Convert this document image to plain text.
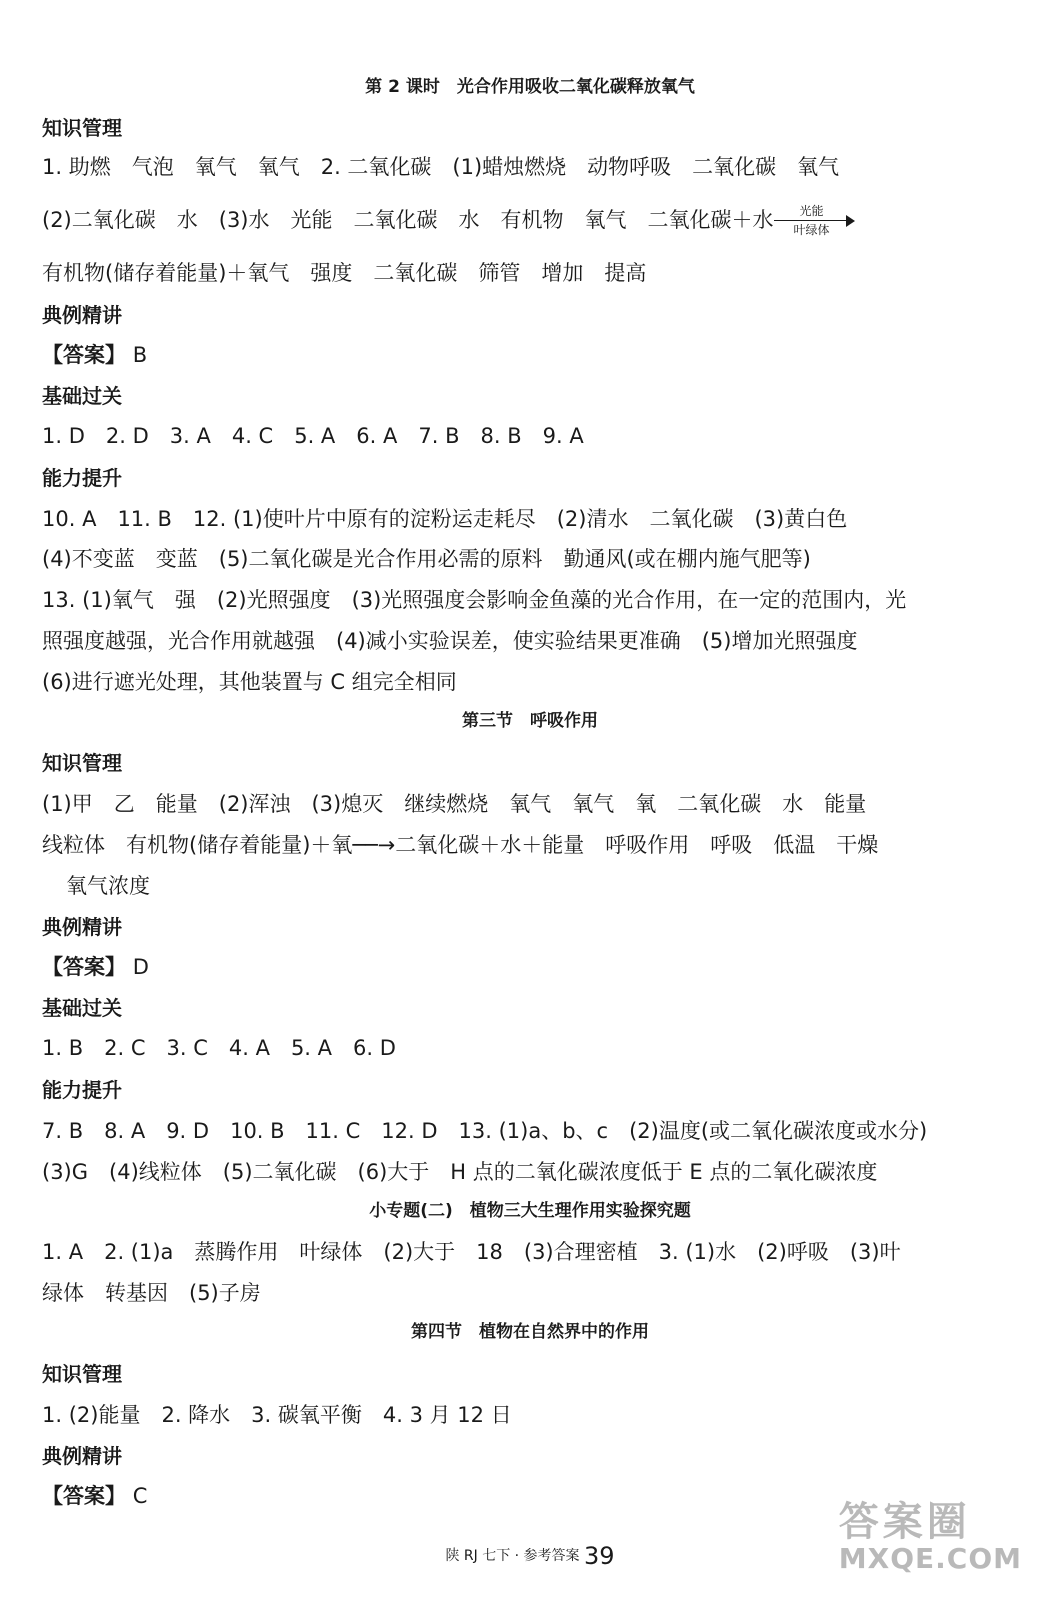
第 2 课时　光合作用吸收二氧化碳释放氧气
知识管理
1. 助燃　气泡　氧气　氧气　2. 二氧化碳　(1)蜡烛燃烧　动物呼吸　二氧化碳　氧气
(2)二氧化碳　水　(3)水　光能　二氧化碳　水　有机物　氧气　二氧化碳＋水	光能
叶绿体
有机物(储存着能量)＋氧气　强度　二氧化碳　筛管　增加　提高
典例精讲
【答案】 B
基础过关
1. D　2. D　3. A　4. C　5. A　6. A　7. B　8. B　9. A
能力提升
10. A　11. B　12. (1)使叶片中原有的淀粉运走耗尽　(2)清水　二氧化碳　(3)黄白色
(4)不变蓝　变蓝　(5)二氧化碳是光合作用必需的原料　勤通风(或在棚内施气肥等)
13. (1)氧气　强　(2)光照强度　(3)光照强度会影响金鱼藻的光合作用，在一定的范围内，光
照强度越强，光合作用就越强　(4)减小实验误差，使实验结果更准确　(5)增加光照强度
(6)进行遮光处理，其他装置与 C 组完全相同
第三节　呼吸作用
知识管理
(1)甲　乙　能量　(2)浑浊　(3)熄灭　继续燃烧　氧气　氧气　氧　二氧化碳　水　能量
线粒体　有机物(储存着能量)＋氧──→二氧化碳＋水＋能量　呼吸作用　呼吸　低温　干燥
氧气浓度
典例精讲
【答案】 D
基础过关
1. B　2. C　3. C　4. A　5. A　6. D
能力提升
7. B　8. A　9. D　10. B　11. C　12. D　13. (1)a、b、c　(2)温度(或二氧化碳浓度或水分)
(3)G　(4)线粒体　(5)二氧化碳　(6)大于　H 点的二氧化碳浓度低于 E 点的二氧化碳浓度
小专题(二)　植物三大生理作用实验探究题
1. A　2. (1)a　蒸腾作用　叶绿体　(2)大于　18　(3)合理密植　3. (1)水　(2)呼吸　(3)叶
绿体　转基因　(5)子房
第四节　植物在自然界中的作用
知识管理
1. (2)能量　2. 降水　3. 碳氧平衡　4. 3 月 12 日
典例精讲
【答案】 C
陕 RJ 七下 · 参考答案 39
答案圈
MXQE.COM
